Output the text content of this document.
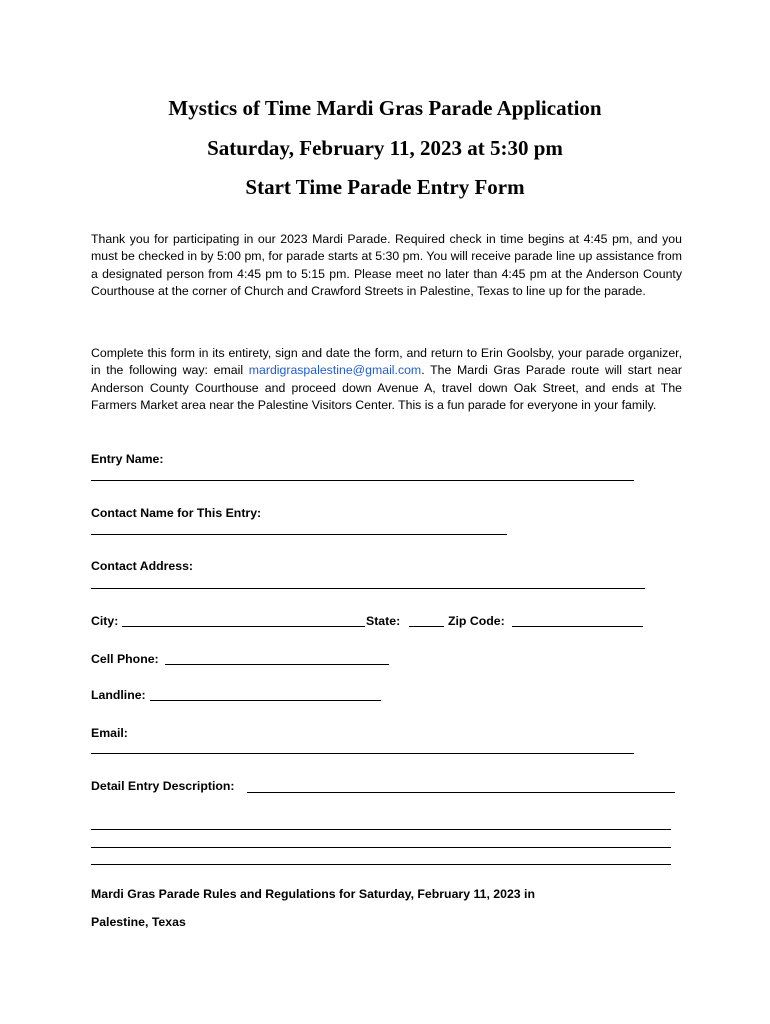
Mystics of Time Mardi Gras Parade Application
Saturday, February 11, 2023 at 5:30 pm
Start Time Parade Entry Form
Thank you for participating in our 2023 Mardi Parade. Required check in time begins at 4:45 pm, and you must be checked in by 5:00 pm, for parade starts at 5:30 pm. You will receive parade line up assistance from a designated person from 4:45 pm to 5:15 pm. Please meet no later than 4:45 pm at the Anderson County Courthouse at the corner of Church and Crawford Streets in Palestine, Texas to line up for the parade.
Complete this form in its entirety, sign and date the form, and return to Erin Goolsby, your parade organizer, in the following way: email mardigraspalestine@gmail.com. The Mardi Gras Parade route will start near Anderson County Courthouse and proceed down Avenue A, travel down Oak Street, and ends at The Farmers Market area near the Palestine Visitors Center. This is a fun parade for everyone in your family.
Entry Name:
Contact Name for This Entry:
Contact Address:
City:	State:	Zip Code:
Cell Phone:
Landline:
Email:
Detail Entry Description:
Mardi Gras Parade Rules and Regulations for Saturday, February 11, 2023 in
Palestine, Texas
